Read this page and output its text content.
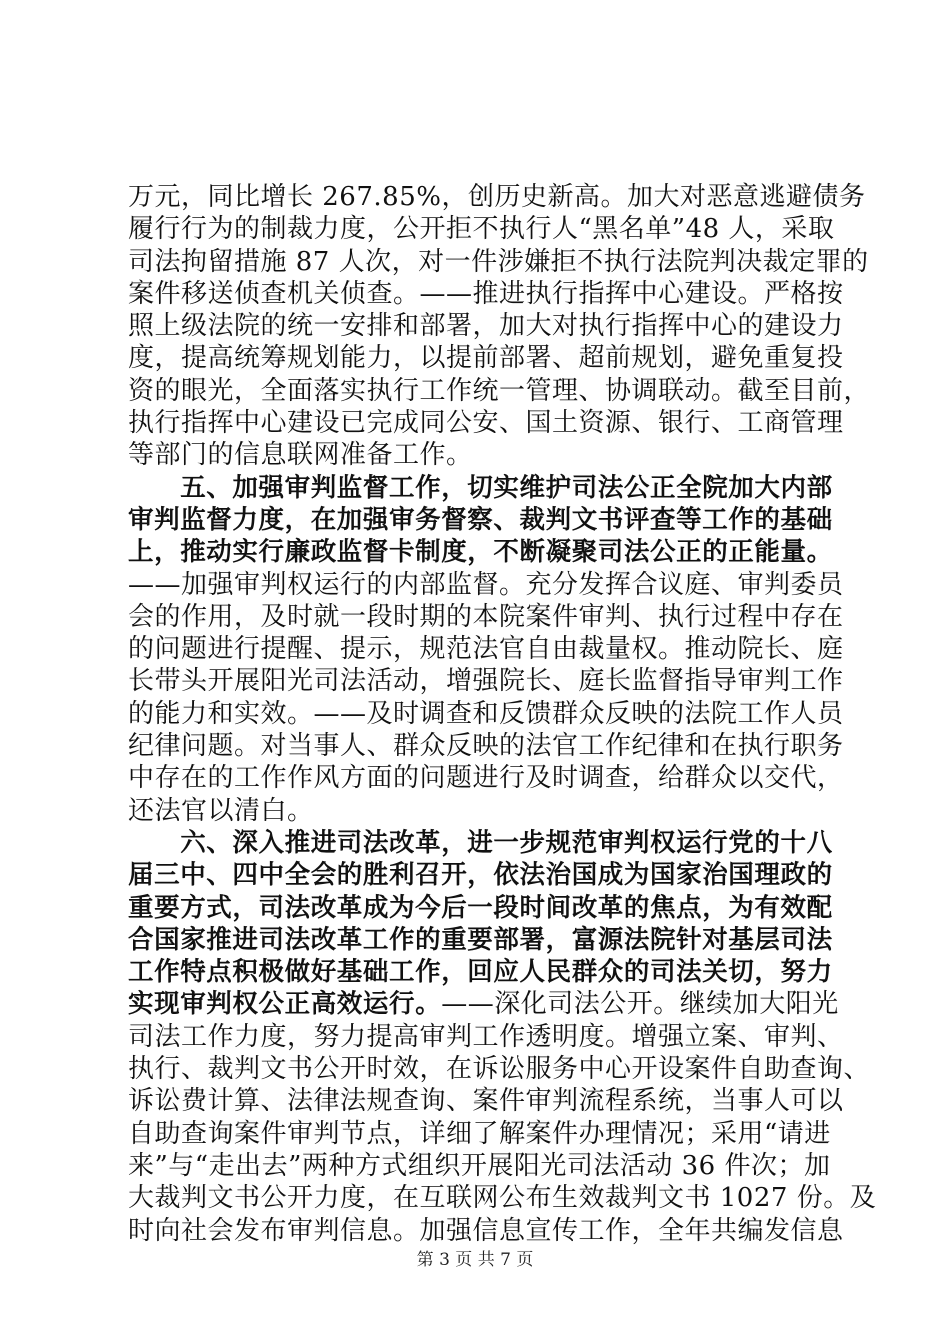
万元，同比增长 267.85%，创历史新高。加大对恶意逃避债务
履行行为的制裁力度，公开拒不执行人“黑名单”48 人，采取
司法拘留措施 87 人次，对一件涉嫌拒不执行法院判决裁定罪的
案件移送侦查机关侦查。——推进执行指挥中心建设。严格按
照上级法院的统一安排和部署，加大对执行指挥中心的建设力
度，提高统筹规划能力，以提前部署、超前规划，避免重复投
资的眼光，全面落实执行工作统一管理、协调联动。截至目前，
执行指挥中心建设已完成同公安、国土资源、银行、工商管理
等部门的信息联网准备工作。
　　五、加强审判监督工作，切实维护司法公正全院加大内部
审判监督力度，在加强审务督察、裁判文书评查等工作的基础
上，推动实行廉政监督卡制度，不断凝聚司法公正的正能量。
——加强审判权运行的内部监督。充分发挥合议庭、审判委员
会的作用，及时就一段时期的本院案件审判、执行过程中存在
的问题进行提醒、提示，规范法官自由裁量权。推动院长、庭
长带头开展阳光司法活动，增强院长、庭长监督指导审判工作
的能力和实效。——及时调查和反馈群众反映的法院工作人员
纪律问题。对当事人、群众反映的法官工作纪律和在执行职务
中存在的工作作风方面的问题进行及时调查，给群众以交代，
还法官以清白。
　　六、深入推进司法改革，进一步规范审判权运行党的十八
届三中、四中全会的胜利召开，依法治国成为国家治国理政的
重要方式，司法改革成为今后一段时间改革的焦点，为有效配
合国家推进司法改革工作的重要部署，富源法院针对基层司法
工作特点积极做好基础工作，回应人民群众的司法关切，努力
实现审判权公正高效运行。——深化司法公开。继续加大阳光
司法工作力度，努力提高审判工作透明度。增强立案、审判、
执行、裁判文书公开时效，在诉讼服务中心开设案件自助查询、
诉讼费计算、法律法规查询、案件审判流程系统，当事人可以
自助查询案件审判节点，详细了解案件办理情况；采用“请进
来”与“走出去”两种方式组织开展阳光司法活动 36 件次；加
大裁判文书公开力度，在互联网公布生效裁判文书 1027 份。及
时向社会发布审判信息。加强信息宣传工作，全年共编发信息
第 3 页 共 7 页
